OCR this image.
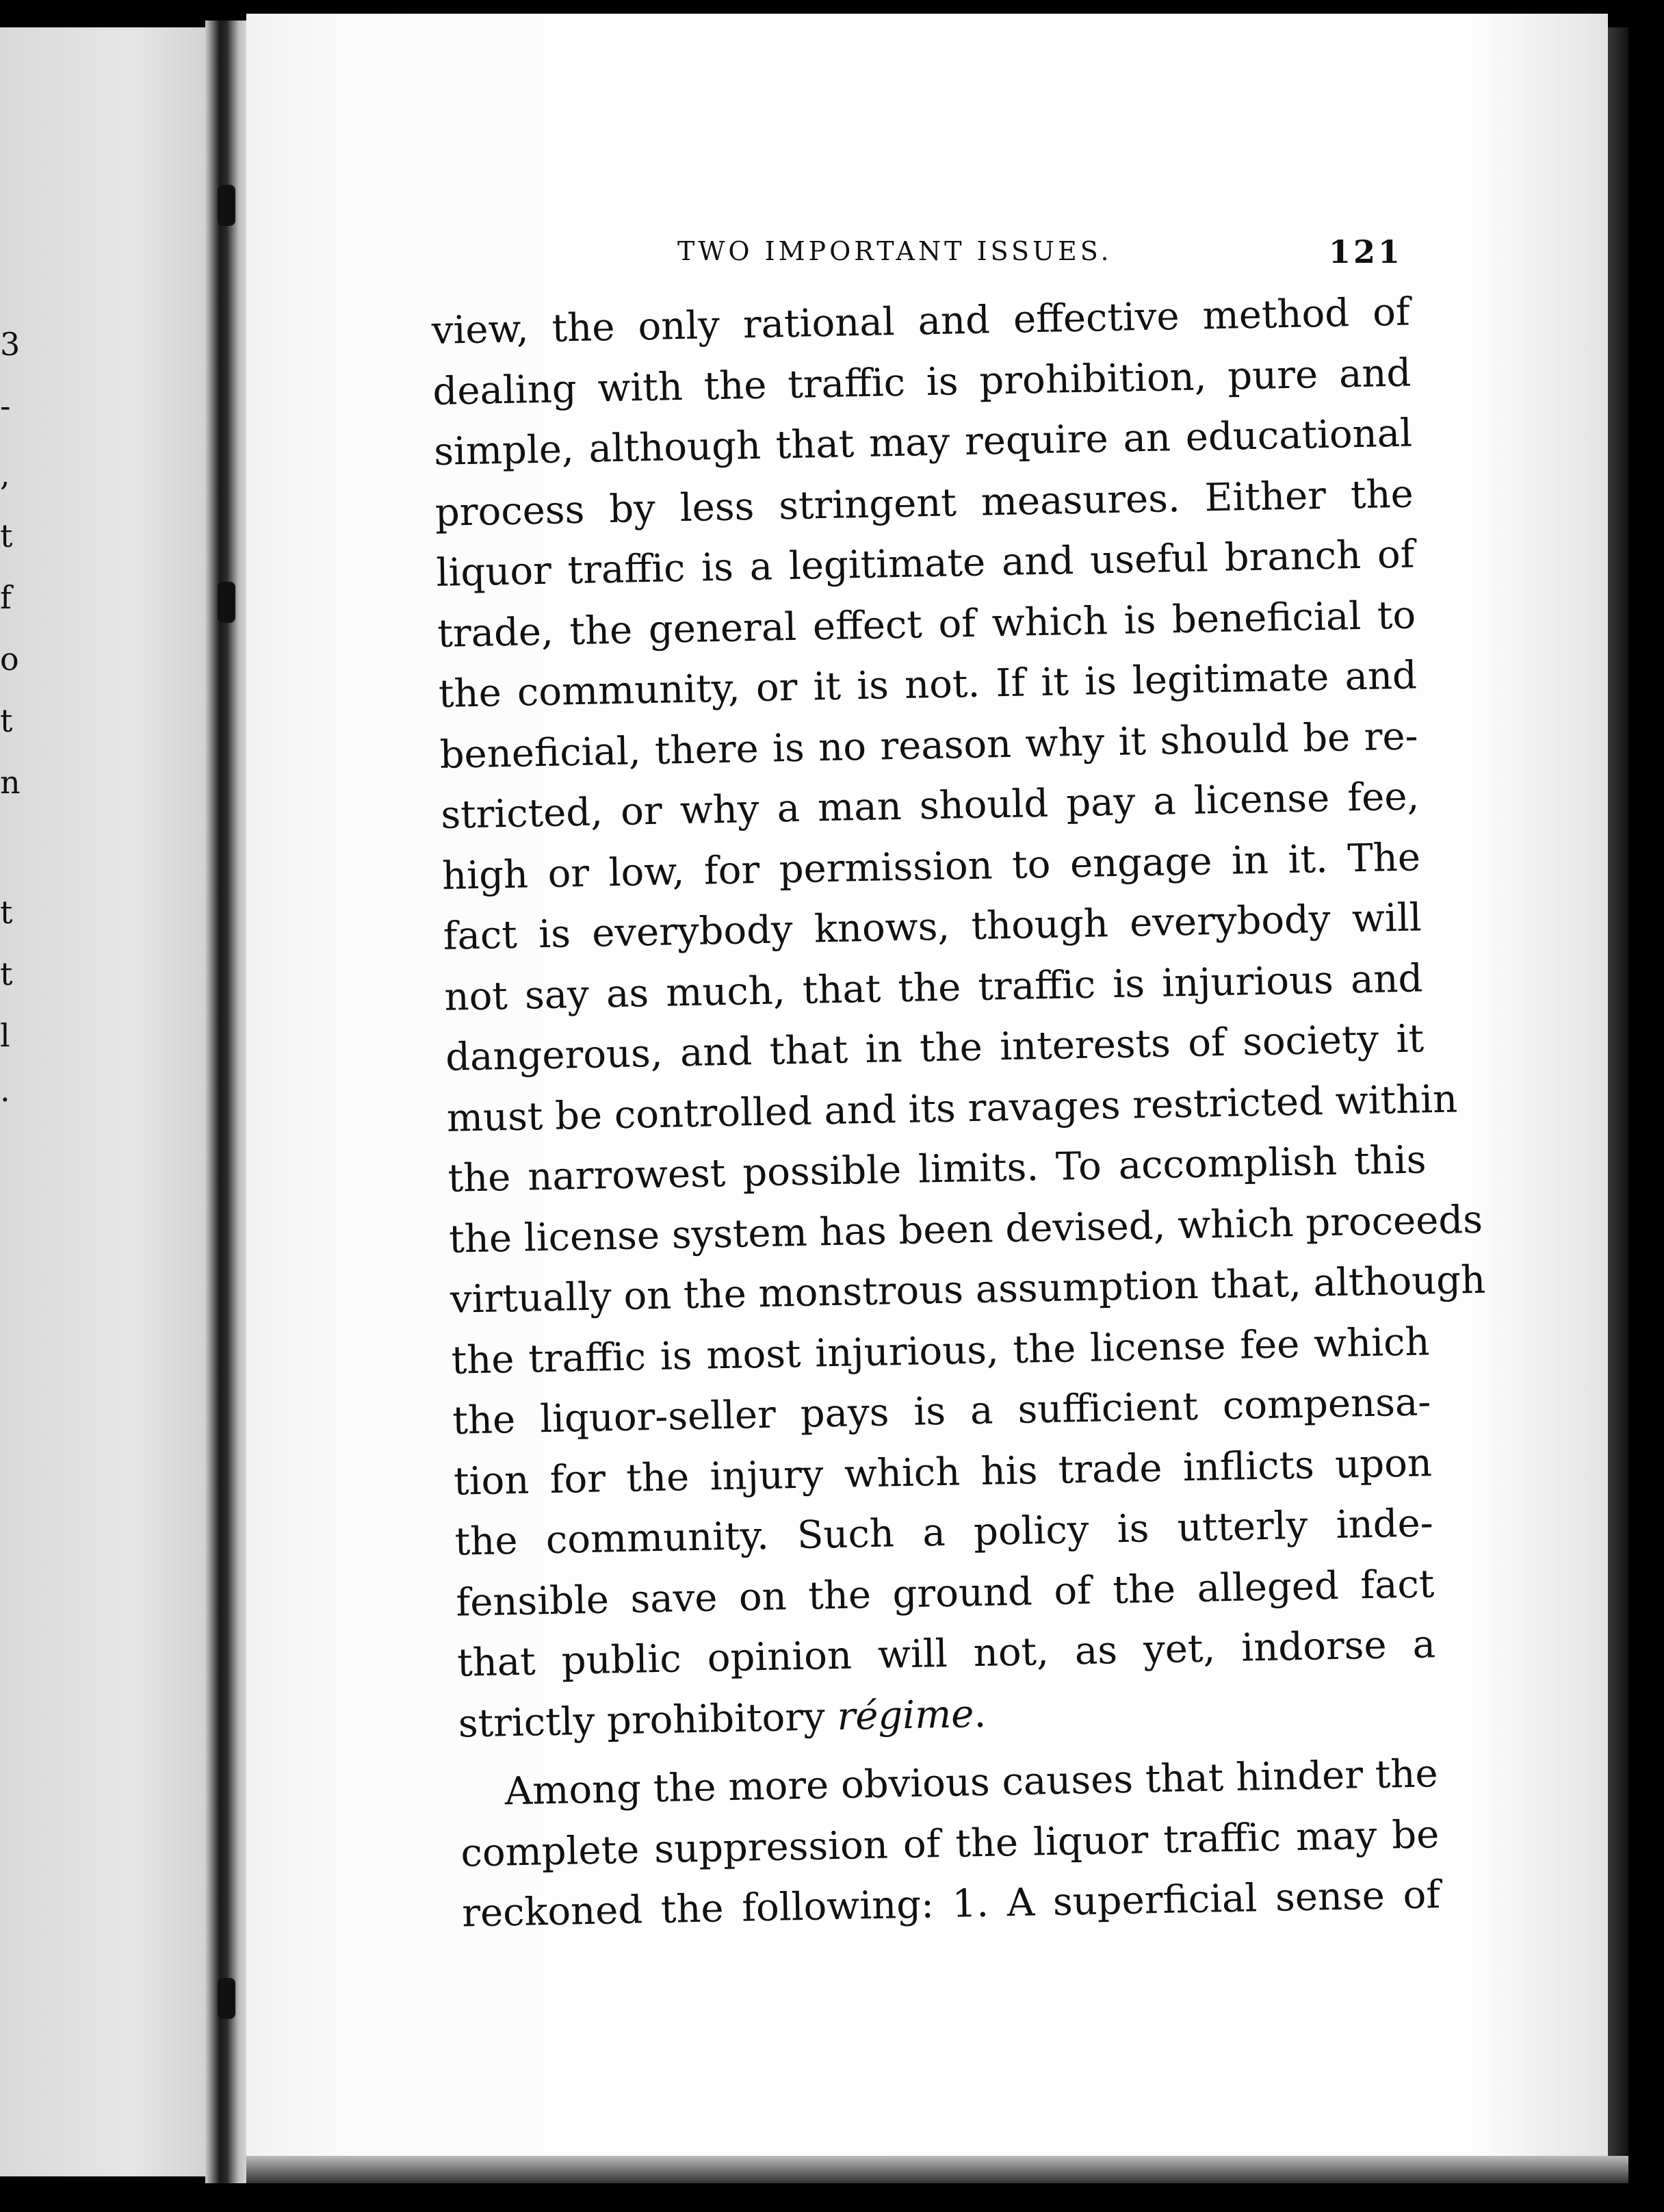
3
-
,
t
f
o
t
n
t
t
l
.
TWO IMPORTANT ISSUES.	121
view, the only rational and effective method of
dealing with the traffic is prohibition, pure and
simple, although that may require an educational
process by less stringent measures. Either the
liquor traffic is a legitimate and useful branch of
trade, the general effect of which is beneficial to
the community, or it is not. If it is legitimate and
beneficial, there is no reason why it should be re-
stricted, or why a man should pay a license fee,
high or low, for permission to engage in it. The
fact is everybody knows, though everybody will
not say as much, that the traffic is injurious and
dangerous, and that in the interests of society it
must be controlled and its ravages restricted within
the narrowest possible limits. To accomplish this
the license system has been devised, which proceeds
virtually on the monstrous assumption that, although
the traffic is most injurious, the license fee which
the liquor-seller pays is a sufficient compensa-
tion for the injury which his trade inflicts upon
the community. Such a policy is utterly inde-
fensible save on the ground of the alleged fact
that public opinion will not, as yet, indorse a
strictly prohibitory régime.
Among the more obvious causes that hinder the
complete suppression of the liquor traffic may be
reckoned the following: 1. A superficial sense of
